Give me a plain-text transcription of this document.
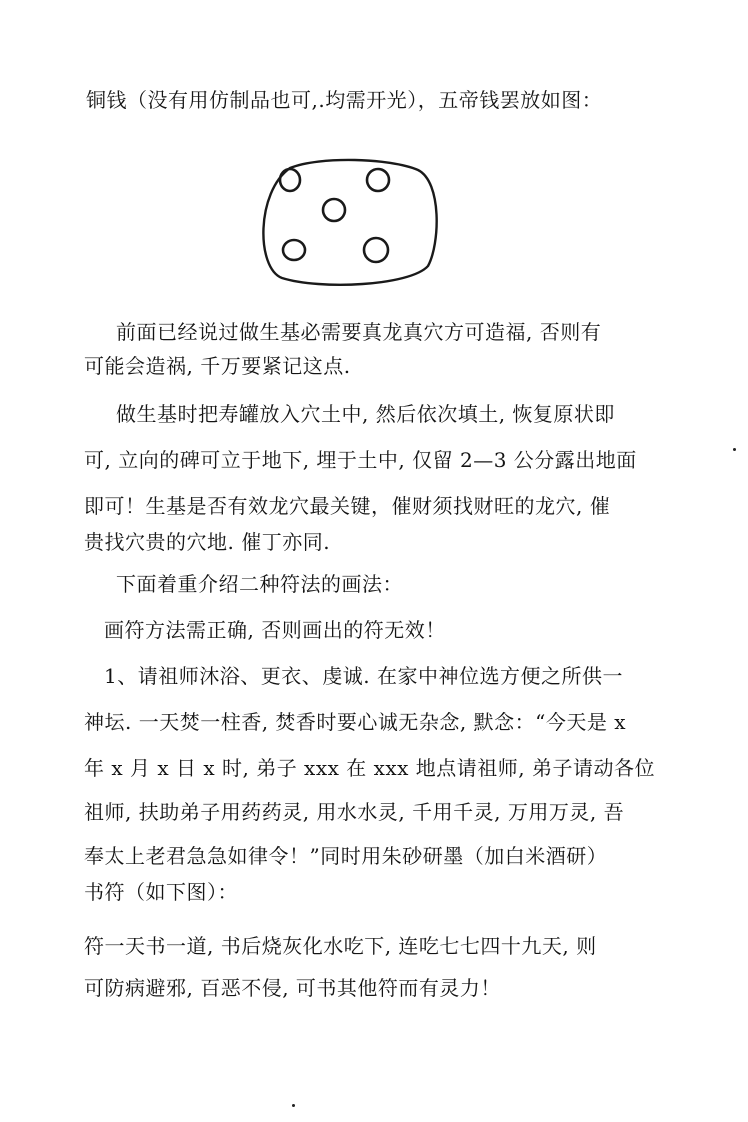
铜钱（没有用仿制品也可,.均需开光），五帝钱罢放如图：
前面已经说过做生基必需要真龙真穴方可造福, 否则有
可能会造祸, 千万要紧记这点.
做生基时把寿罐放入穴土中, 然后依次填土, 恢复原状即
可, 立向的碑可立于地下, 埋于土中, 仅留 2—3 公分露出地面
即可！生基是否有效龙穴最关键，催财须找财旺的龙穴, 催
贵找穴贵的穴地. 催丁亦同.
下面着重介绍二种符法的画法：
画符方法需正确, 否则画出的符无效！
1、请祖师沐浴、更衣、虔诚. 在家中神位选方便之所供一
神坛. 一天焚一柱香, 焚香时要心诚无杂念, 默念：“今天是 x
年 x 月 x 日 x 时, 弟子 xxx 在 xxx 地点请祖师, 弟子请动各位
祖师, 扶助弟子用药药灵, 用水水灵, 千用千灵, 万用万灵, 吾
奉太上老君急急如律令！”同时用朱砂研墨（加白米酒研）
书符（如下图）：
符一天书一道, 书后烧灰化水吃下, 连吃七七四十九天, 则
可防病避邪, 百恶不侵, 可书其他符而有灵力！
